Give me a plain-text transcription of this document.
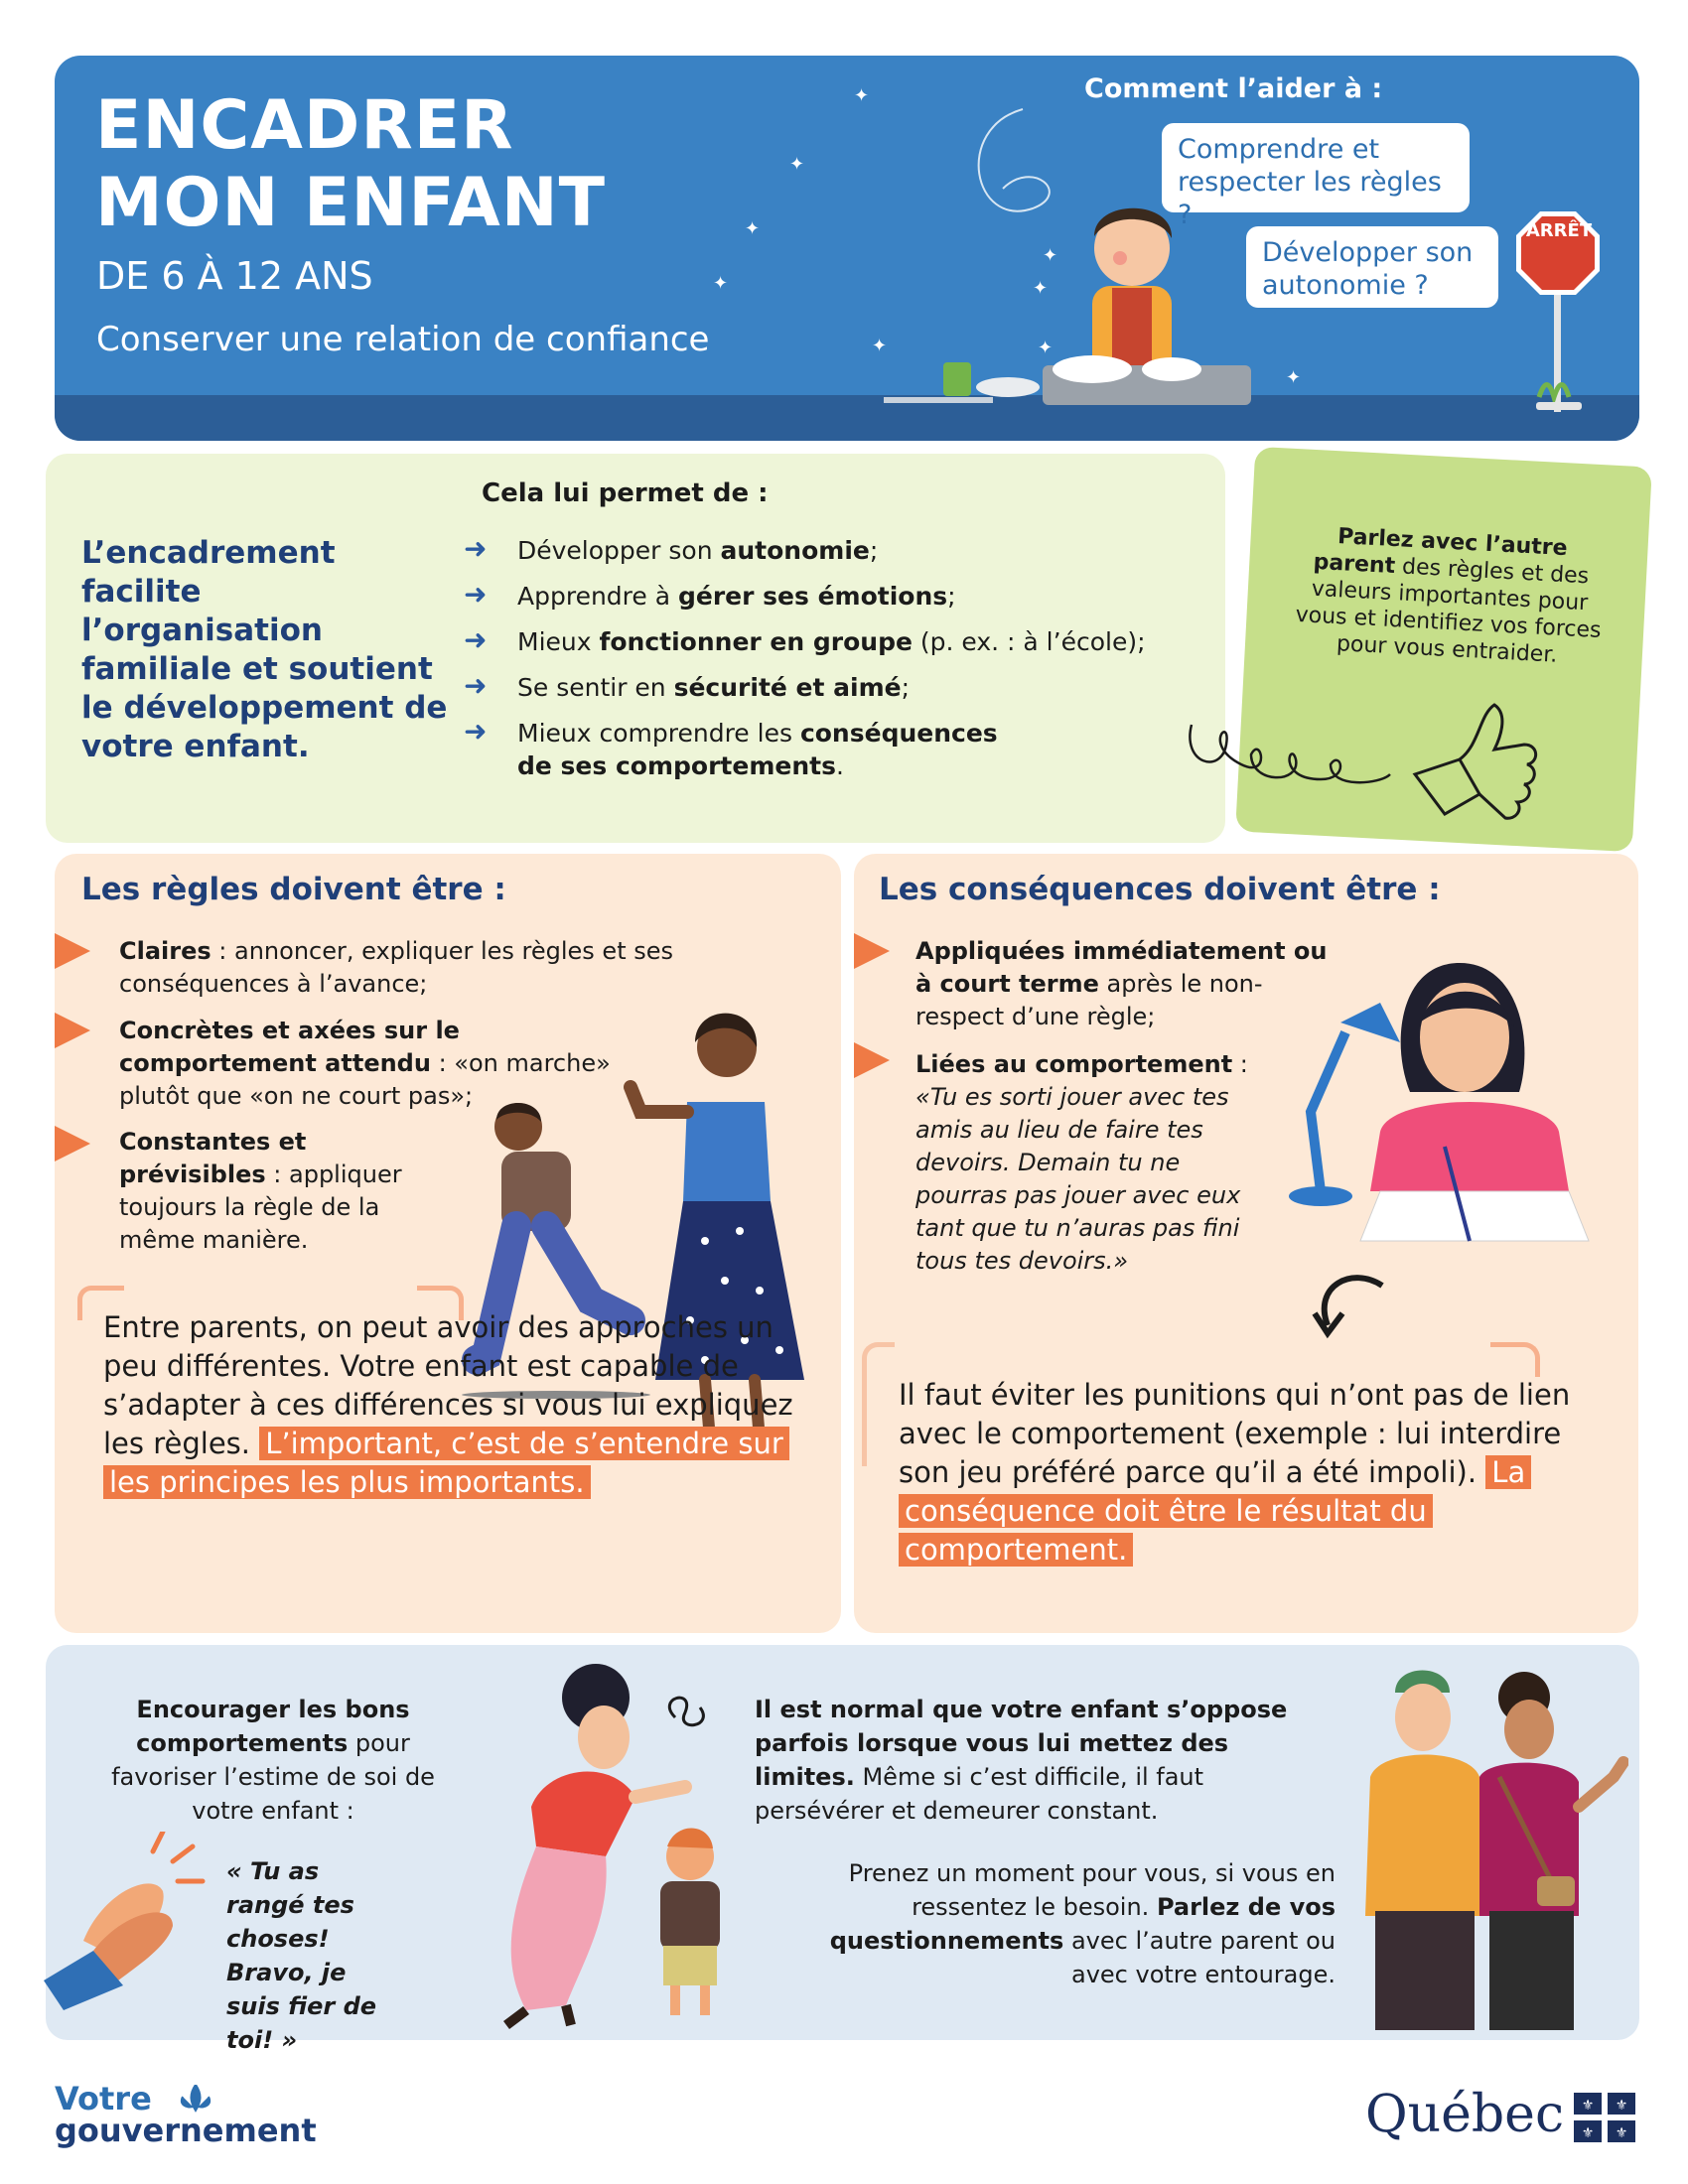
ENCADRER
MON ENFANT
DE 6 À 12 ANS
Conserver une relation de confiance
Comment l’aider à :
Comprendre et respecter les règles ?
Développer son autonomie ?
✦
✦
✦
✦
✦
✦
✦
✦
✦
ARRÊT
L’encadrement facilite l’organisation familiale et soutient le développement de votre enfant.
Cela lui permet de :
➜ Développer son autonomie;
➜ Apprendre à gérer ses émotions;
➜ Mieux fonctionner en groupe (p. ex. : à l’école);
➜ Se sentir en sécurité et aimé;
➜ Mieux comprendre les conséquences de ses comportements.
Parlez avec l’autre parent des règles et des valeurs importantes pour vous et identifiez vos forces pour vous entraider.
Les règles doivent être :
Claires : annoncer, expliquer les règles et ses conséquences à l’avance;
Concrètes et axées sur le comportement attendu : «on marche» plutôt que «on ne court pas»;
Constantes et prévisibles : appliquer toujours la règle de la même manière.
Entre parents, on peut avoir des approches un peu différentes. Votre enfant est capable de s’adapter à ces différences si vous lui expliquez les règles. L’important, c’est de s’entendre sur les principes les plus importants.
Les conséquences doivent être :
Appliquées immédiatement ou à court terme après le non-respect d’une règle;
Liées au comportement :
«Tu es sorti jouer avec tes amis au lieu de faire tes devoirs. Demain tu ne pourras pas jouer avec eux tant que tu n’auras pas fini tous tes devoirs.»
Il faut éviter les punitions qui n’ont pas de lien avec le comportement (exemple : lui interdire son jeu préféré parce qu’il a été impoli). La conséquence doit être le résultat du comportement.
Encourager les bons comportements pour favoriser l’estime de soi de votre enfant :
« Tu as rangé tes choses! Bravo, je suis fier de toi! »
Il est normal que votre enfant s’oppose parfois lorsque vous lui mettez des limites. Même si c’est difficile, il faut persévérer et demeurer constant.
Prenez un moment pour vous, si vous en ressentez le besoin. Parlez de vos questionnements avec l’autre parent ou avec votre entourage.
Votre
gouvernement	Québec ⚜ ⚜
⚜ ⚜
